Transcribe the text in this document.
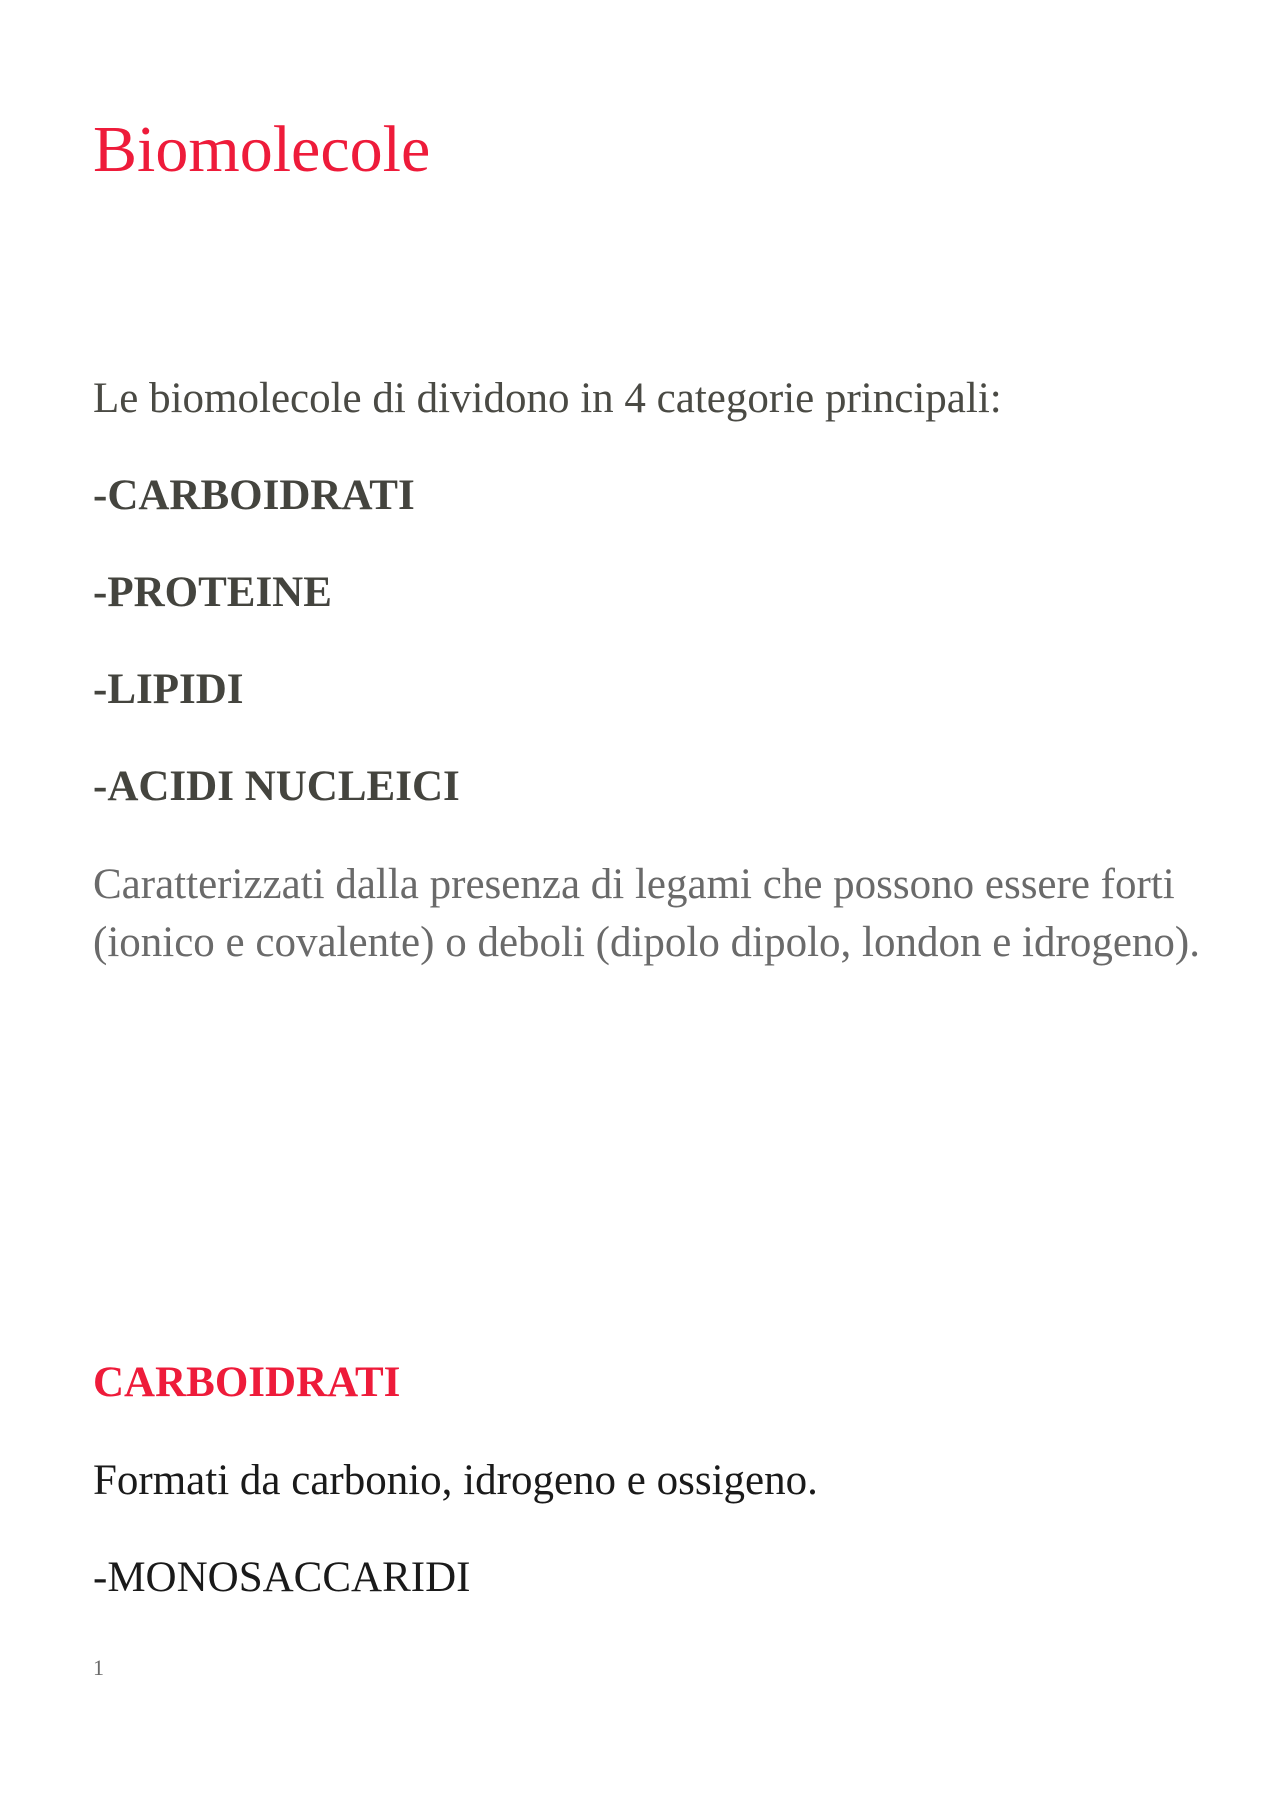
Biomolecole

Le biomolecole di dividono in 4 categorie principali:

-CARBOIDRATI

-PROTEINE

-LIPIDI

-ACIDI NUCLEICI

Caratterizzati dalla presenza di legami che possono essere forti (ionico e covalente) o deboli (dipolo dipolo, london e idrogeno).

CARBOIDRATI

Formati da carbonio, idrogeno e ossigeno.

-MONOSACCARIDI

1
